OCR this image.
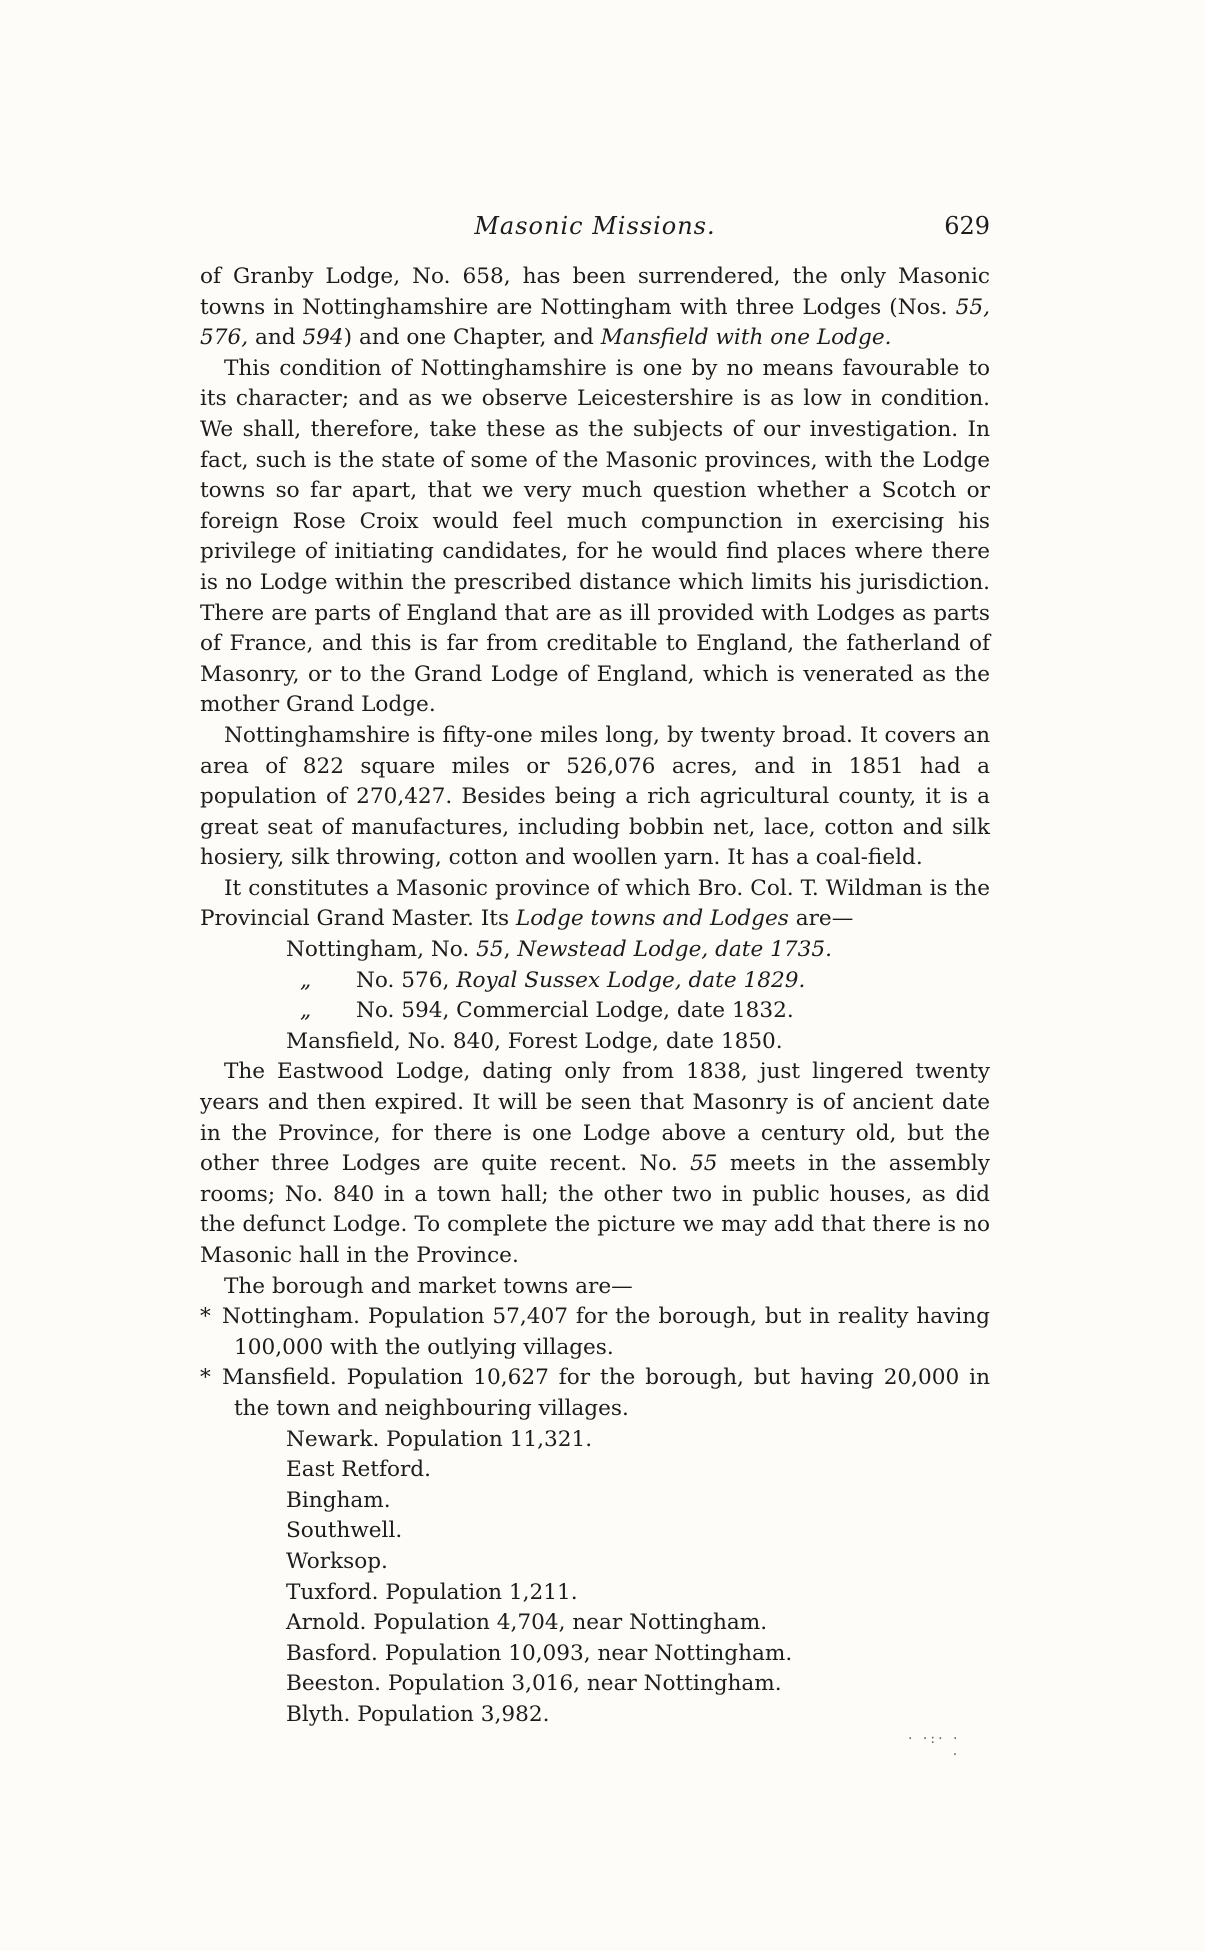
Masonic Missions.	629

of Granby Lodge, No. 658, has been surrendered, the only Masonic towns in Nottinghamshire are Nottingham with three Lodges (Nos. 55, 576, and 594) and one Chapter, and Mansfield with one Lodge.

This condition of Nottinghamshire is one by no means favourable to its character; and as we observe Leicestershire is as low in condition. We shall, therefore, take these as the subjects of our investigation. In fact, such is the state of some of the Masonic provinces, with the Lodge towns so far apart, that we very much question whether a Scotch or foreign Rose Croix would feel much compunction in exercising his privilege of initiating candidates, for he would find places where there is no Lodge within the prescribed distance which limits his jurisdiction. There are parts of England that are as ill provided with Lodges as parts of France, and this is far from creditable to England, the fatherland of Masonry, or to the Grand Lodge of England, which is venerated as the mother Grand Lodge.

Nottinghamshire is fifty-one miles long, by twenty broad. It covers an area of 822 square miles or 526,076 acres, and in 1851 had a population of 270,427. Besides being a rich agricultural county, it is a great seat of manufactures, including bobbin net, lace, cotton and silk hosiery, silk throwing, cotton and woollen yarn. It has a coal-field.

It constitutes a Masonic province of which Bro. Col. T. Wildman is the Provincial Grand Master. Its Lodge towns and Lodges are—

Nottingham, No. 55, Newstead Lodge, date 1735.

„ No. 576, Royal Sussex Lodge, date 1829.

„ No. 594, Commercial Lodge, date 1832.

Mansfield, No. 840, Forest Lodge, date 1850.

The Eastwood Lodge, dating only from 1838, just lingered twenty years and then expired. It will be seen that Masonry is of ancient date in the Province, for there is one Lodge above a century old, but the other three Lodges are quite recent. No. 55 meets in the assembly rooms; No. 840 in a town hall; the other two in public houses, as did the defunct Lodge. To complete the picture we may add that there is no Masonic hall in the Province.

The borough and market towns are—

* Nottingham. Population 57,407 for the borough, but in reality having 100,000 with the outlying villages.

* Mansfield. Population 10,627 for the borough, but having 20,000 in the town and neighbouring villages.

Newark. Population 11,321.

East Retford.

Bingham.

Southwell.

Worksop.

Tuxford. Population 1,211.

Arnold. Population 4,704, near Nottingham.

Basford. Population 10,093, near Nottingham.

Beeston. Population 3,016, near Nottingham.

Blyth. Population 3,982.

· ·:· ·
·
